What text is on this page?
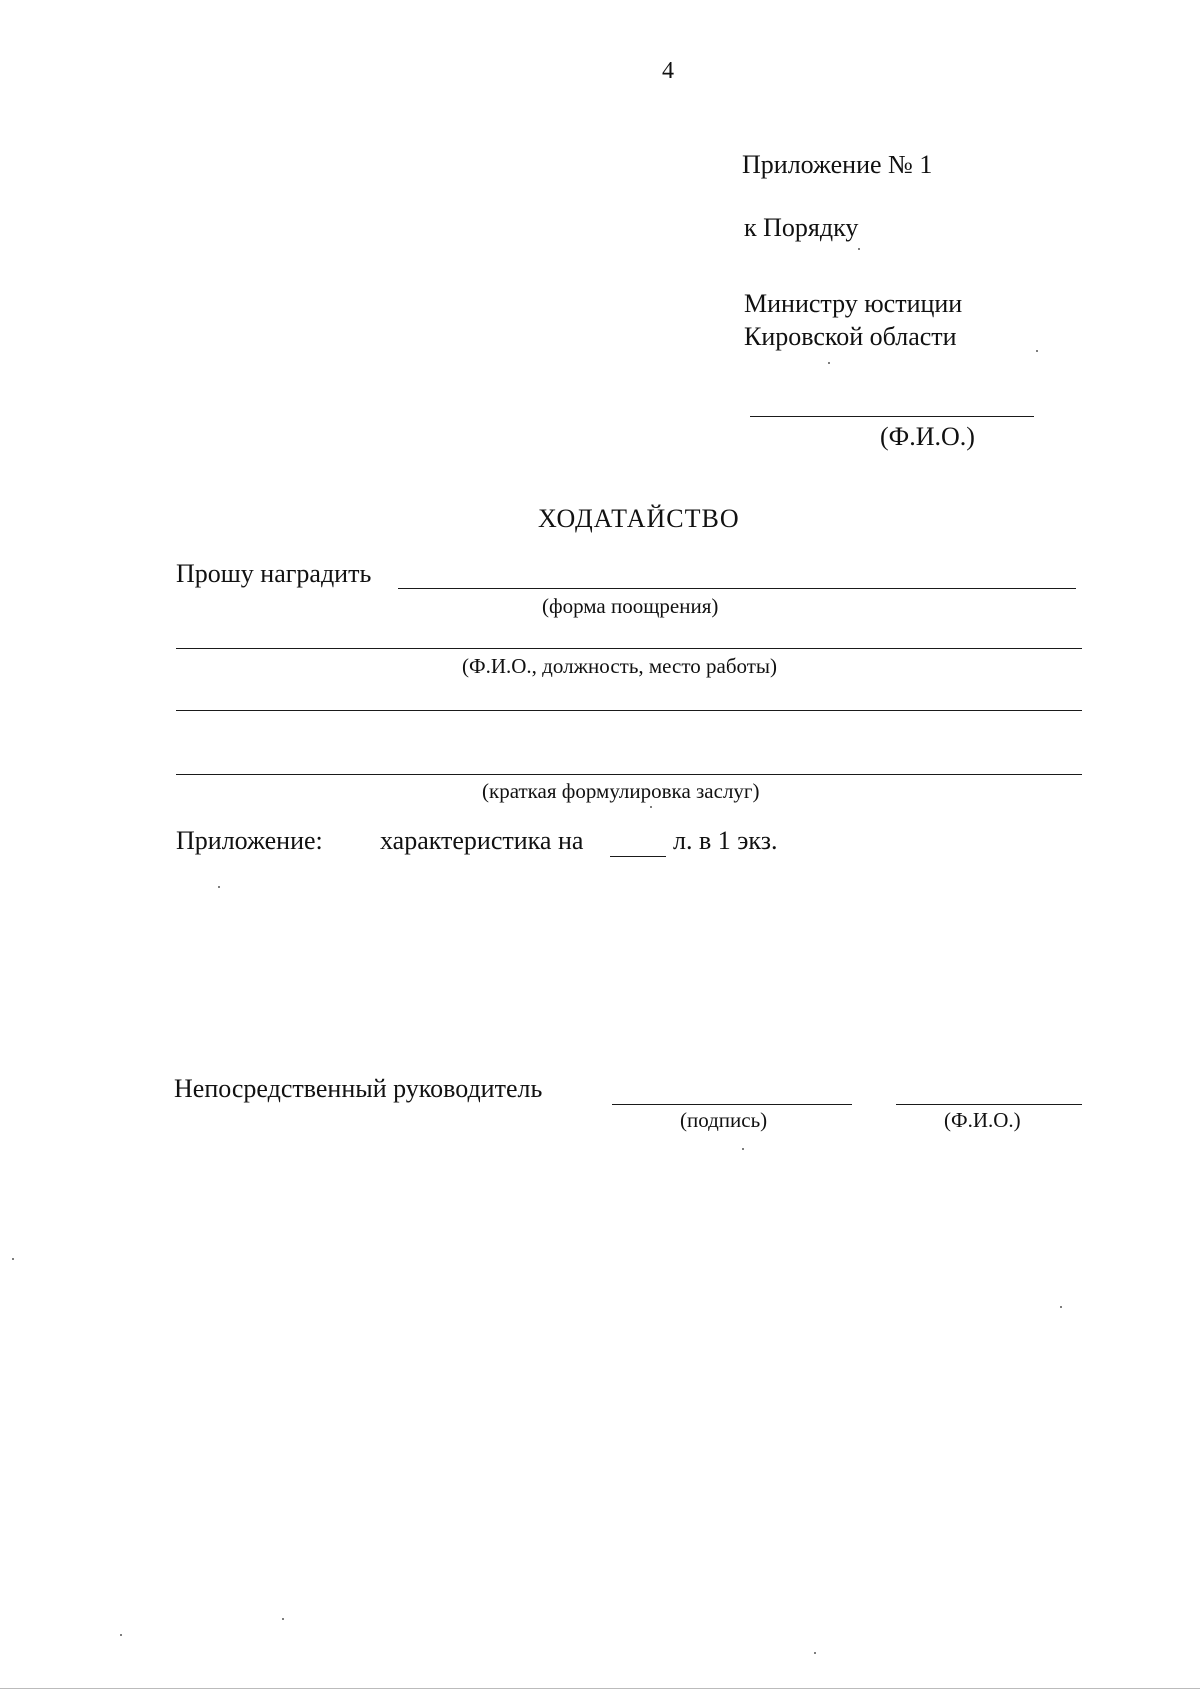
4
Приложение № 1
к Порядку
Министру юстиции
Кировской области
(Ф.И.О.)
ХОДАТАЙСТВО
Прошу наградить
(форма поощрения)
(Ф.И.О., должность, место работы)
(краткая формулировка заслуг)
Приложение: характеристика на	л. в 1 экз.
Непосредственный руководитель
(подпись)	(Ф.И.О.)
